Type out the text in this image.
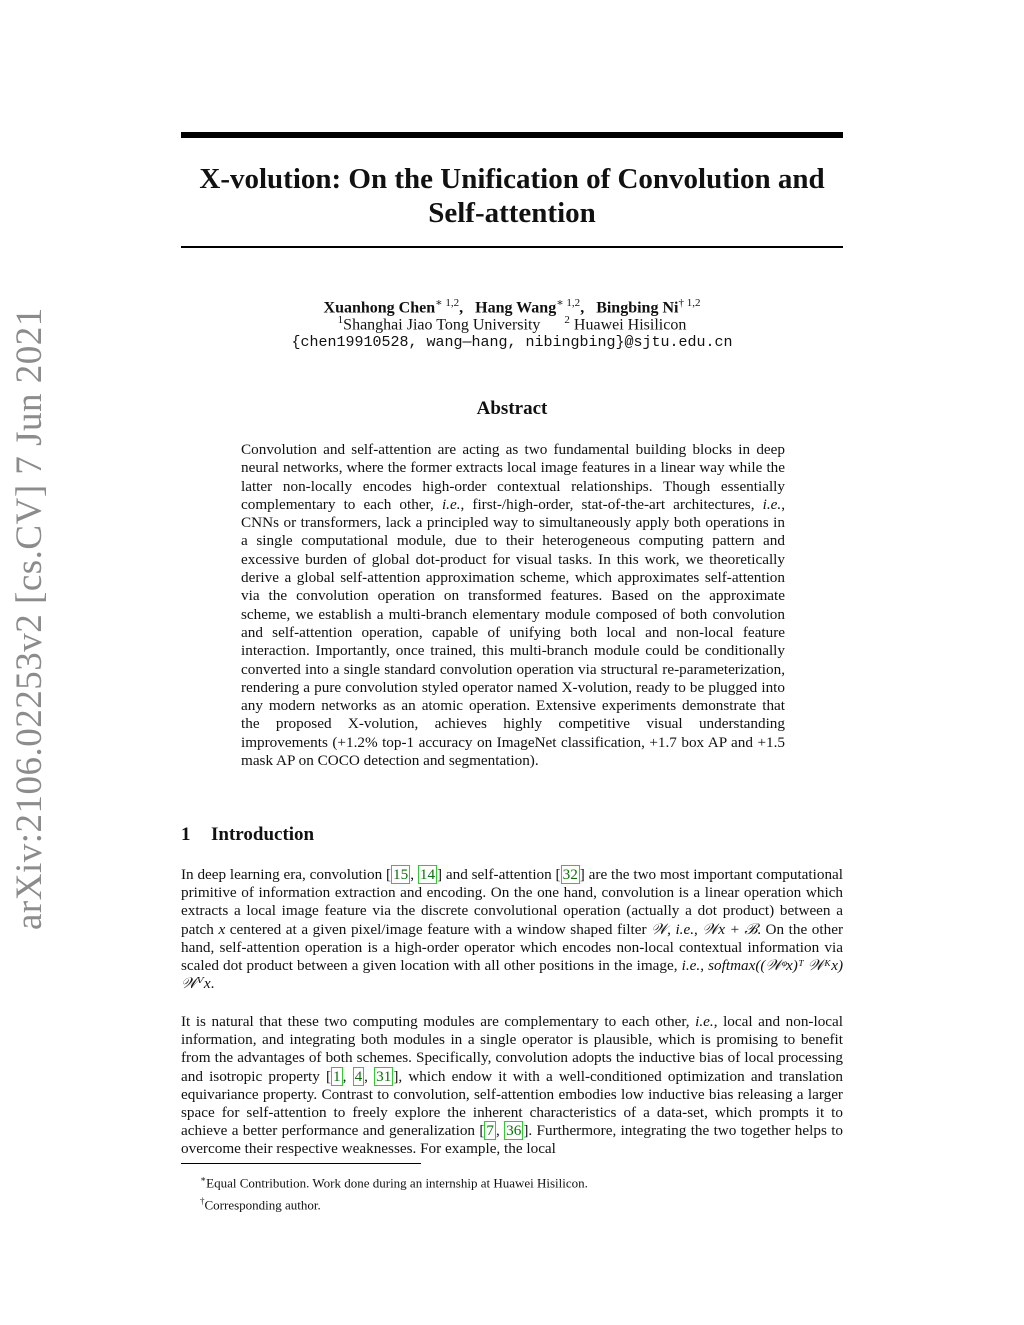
arXiv:2106.02253v2 [cs.CV] 7 Jun 2021
X-volution: On the Unification of Convolution and
Self-attention
Xuanhong Chen$^{∗ 1,2}$, Hang Wang$^{∗ 1,2}$, Bingbing Ni$^{\dagger 1,2}$
$^1$Shanghai Jiao Tong University $^2$ Huawei Hisilicon
{chen19910528, wang—hang, nibingbing}@sjtu.edu.cn
Abstract
Convolution and self-attention are acting as two fundamental building blocks in deep neural networks, where the former extracts local image features in a linear way while the latter non-locally encodes high-order contextual relationships. Though essentially complementary to each other, i.e., first-/high-order, stat-of-the-art architectures, i.e., CNNs or transformers, lack a principled way to simultaneously apply both operations in a single computational module, due to their heterogeneous computing pattern and excessive burden of global dot-product for visual tasks. In this work, we theoretically derive a global self-attention approximation scheme, which approximates self-attention via the convolution operation on transformed features. Based on the approximate scheme, we establish a multi-branch elementary module composed of both convolution and self-attention operation, capable of unifying both local and non-local feature interaction. Importantly, once trained, this multi-branch module could be conditionally converted into a single standard convolution operation via structural re-parameterization, rendering a pure convolution styled operator named X-volution, ready to be plugged into any modern networks as an atomic operation. Extensive experiments demonstrate that the proposed X-volution, achieves highly competitive visual understanding improvements (+1.2% top-1 accuracy on ImageNet classification, +1.7 box AP and +1.5 mask AP on COCO detection and segmentation).
1 Introduction
In deep learning era, convolution [ 15 , 14 ] and self-attention [ 32 ] are the two most important computational primitive of information extraction and encoding. On the one hand, convolution is a linear operation which extracts a local image feature via the discrete convolutional operation (actually a dot product) between a patch x centered at a given pixel/image feature with a window shaped filter 𝒲, i.e., 𝒲x + ℬ. On the other hand, self-attention operation is a high-order operator which encodes non-local contextual information via scaled dot product between a given location with all other positions in the image, i.e., softmax((𝒲ᵠx)ᵀ 𝒲ᴷx) 𝒲ⱽx.
It is natural that these two computing modules are complementary to each other, i.e., local and non-local information, and integrating both modules in a single operator is plausible, which is promising to benefit from the advantages of both schemes. Specifically, convolution adopts the inductive bias of local processing and isotropic property [ 1 , 4 , 31 ], which endow it with a well-conditioned optimization and translation equivariance property. Contrast to convolution, self-attention embodies low inductive bias releasing a larger space for self-attention to freely explore the inherent characteristics of a data-set, which prompts it to achieve a better performance and generalization [ 7 , 36 ]. Furthermore, integrating the two together helps to overcome their respective weaknesses. For example, the local
∗Equal Contribution. Work done during an internship at Huawei Hisilicon.
†Corresponding author.
